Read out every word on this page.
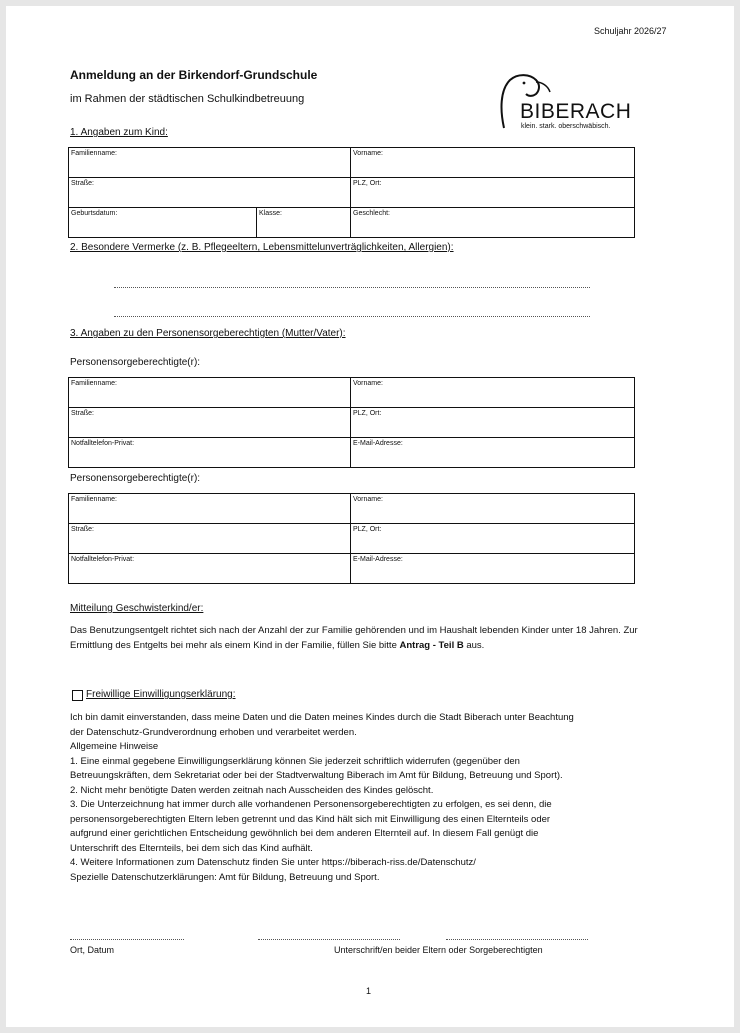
Schuljahr 2026/27
Anmeldung an der Birkendorf-Grundschule
im Rahmen der städtischen Schulkindbetreuung
BIBERACH
klein. stark. oberschwäbisch.
1. Angaben zum Kind:
Familienname:		Vorname:
Straße:		PLZ, Ort:
Geburtsdatum:	Klasse:	Geschlecht:
2. Besondere Vermerke (z. B. Pflegeeltern, Lebensmittelunverträglichkeiten, Allergien):
3. Angaben zu den Personensorgeberechtigten (Mutter/Vater):
Personensorgeberechtigte(r):
Familienname:	Vorname:
Straße:	PLZ, Ort:
Notfalltelefon-Privat:	E-Mail-Adresse:
Personensorgeberechtigte(r):
Familienname:	Vorname:
Straße:	PLZ, Ort:
Notfalltelefon-Privat:	E-Mail-Adresse:
Mitteilung Geschwisterkind/er:
Das Benutzungsentgelt richtet sich nach der Anzahl der zur Familie gehörenden und im Haushalt lebenden Kinder unter 18 Jahren. Zur Ermittlung des Entgelts bei mehr als einem Kind in der Familie, füllen Sie bitte Antrag - Teil B aus.
Freiwillige Einwilligungserklärung:
Ich bin damit einverstanden, dass meine Daten und die Daten meines Kindes durch die Stadt Biberach unter Beachtung
der Datenschutz-Grundverordnung erhoben und verarbeitet werden.
Allgemeine Hinweise
1. Eine einmal gegebene Einwilligungserklärung können Sie jederzeit schriftlich widerrufen (gegenüber den
Betreuungskräften, dem Sekretariat oder bei der Stadtverwaltung Biberach im Amt für Bildung, Betreuung und Sport).
2. Nicht mehr benötigte Daten werden zeitnah nach Ausscheiden des Kindes gelöscht.
3. Die Unterzeichnung hat immer durch alle vorhandenen Personensorgeberechtigten zu erfolgen, es sei denn, die
personensorgeberechtigten Eltern leben getrennt und das Kind hält sich mit Einwilligung des einen Elternteils oder
aufgrund einer gerichtlichen Entscheidung gewöhnlich bei dem anderen Elternteil auf. In diesem Fall genügt die
Unterschrift des Elternteils, bei dem sich das Kind aufhält.
4. Weitere Informationen zum Datenschutz finden Sie unter https://biberach-riss.de/Datenschutz/
Spezielle Datenschutzerklärungen: Amt für Bildung, Betreuung und Sport.
Ort, Datum	Unterschrift/en beider Eltern oder Sorgeberechtigten
1
